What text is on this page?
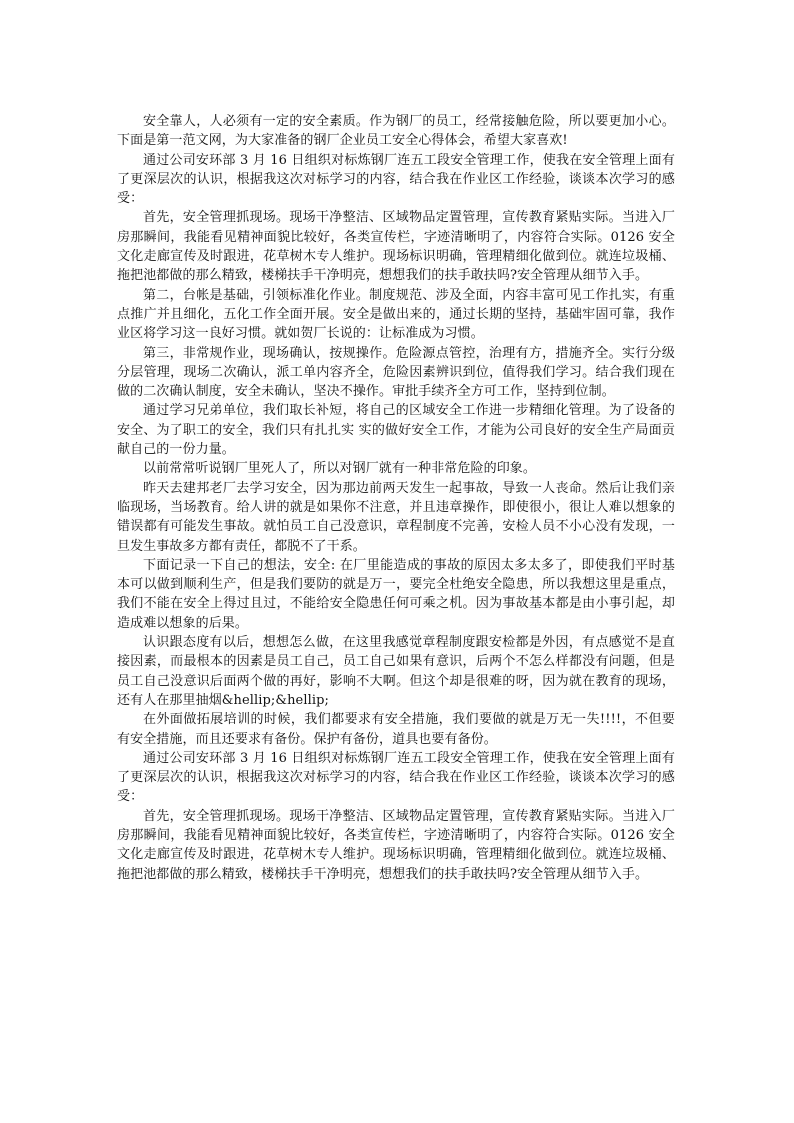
安全靠人，人必须有一定的安全素质。作为钢厂的员工，经常接触危险，所以要更加小心。下面是第一范文网，为大家准备的钢厂企业员工安全心得体会，希望大家喜欢!

通过公司安环部 3 月 16 日组织对标炼钢厂连五工段安全管理工作，使我在安全管理上面有了更深层次的认识，根据我这次对标学习的内容，结合我在作业区工作经验，谈谈本次学习的感受：

首先，安全管理抓现场。现场干净整洁、区域物品定置管理，宣传教育紧贴实际。当进入厂房那瞬间，我能看见精神面貌比较好，各类宣传栏，字迹清晰明了，内容符合实际。0126 安全文化走廊宣传及时跟进，花草树木专人维护。现场标识明确，管理精细化做到位。就连垃圾桶、拖把池都做的那么精致，楼梯扶手干净明亮，想想我们的扶手敢扶吗?安全管理从细节入手。

第二，台帐是基础，引领标准化作业。制度规范、涉及全面，内容丰富可见工作扎实，有重点推广并且细化，五化工作全面开展。安全是做出来的，通过长期的坚持，基础牢固可靠，我作业区将学习这一良好习惯。就如贺厂长说的：让标准成为习惯。

第三，非常规作业，现场确认，按规操作。危险源点管控，治理有方，措施齐全。实行分级分层管理，现场二次确认，派工单内容齐全，危险因素辨识到位，值得我们学习。结合我们现在做的二次确认制度，安全未确认，坚决不操作。审批手续齐全方可工作，坚持到位制。

通过学习兄弟单位，我们取长补短，将自己的区域安全工作进一步精细化管理。为了设备的安全、为了职工的安全，我们只有扎扎实 实的做好安全工作，才能为公司良好的安全生产局面贡献自己的一份力量。

以前常常听说钢厂里死人了，所以对钢厂就有一种非常危险的印象。

昨天去建邦老厂去学习安全，因为那边前两天发生一起事故，导致一人丧命。然后让我们亲临现场，当场教育。给人讲的就是如果你不注意，并且违章操作，即使很小，很让人难以想象的错误都有可能发生事故。就怕员工自己没意识，章程制度不完善，安检人员不小心没有发现，一旦发生事故多方都有责任，都脱不了干系。

下面记录一下自己的想法，安全: 在厂里能造成的事故的原因太多太多了，即使我们平时基本可以做到顺利生产，但是我们要防的就是万一，要完全杜绝安全隐患，所以我想这里是重点，我们不能在安全上得过且过，不能给安全隐患任何可乘之机。因为事故基本都是由小事引起，却造成难以想象的后果。

认识跟态度有以后，想想怎么做，在这里我感觉章程制度跟安检都是外因，有点感觉不是直接因素，而最根本的因素是员工自己，员工自己如果有意识，后两个不怎么样都没有问题，但是员工自己没意识后面两个做的再好，影响不大啊。但这个却是很难的呀，因为就在教育的现场，还有人在那里抽烟&hellip;&hellip;

在外面做拓展培训的时候，我们都要求有安全措施，我们要做的就是万无一失!!!!，不但要有安全措施，而且还要求有备份。保护有备份，道具也要有备份。

通过公司安环部 3 月 16 日组织对标炼钢厂连五工段安全管理工作，使我在安全管理上面有了更深层次的认识，根据我这次对标学习的内容，结合我在作业区工作经验，谈谈本次学习的感受：

首先，安全管理抓现场。现场干净整洁、区域物品定置管理，宣传教育紧贴实际。当进入厂房那瞬间，我能看见精神面貌比较好，各类宣传栏，字迹清晰明了，内容符合实际。0126 安全文化走廊宣传及时跟进，花草树木专人维护。现场标识明确，管理精细化做到位。就连垃圾桶、拖把池都做的那么精致，楼梯扶手干净明亮，想想我们的扶手敢扶吗?安全管理从细节入手。
